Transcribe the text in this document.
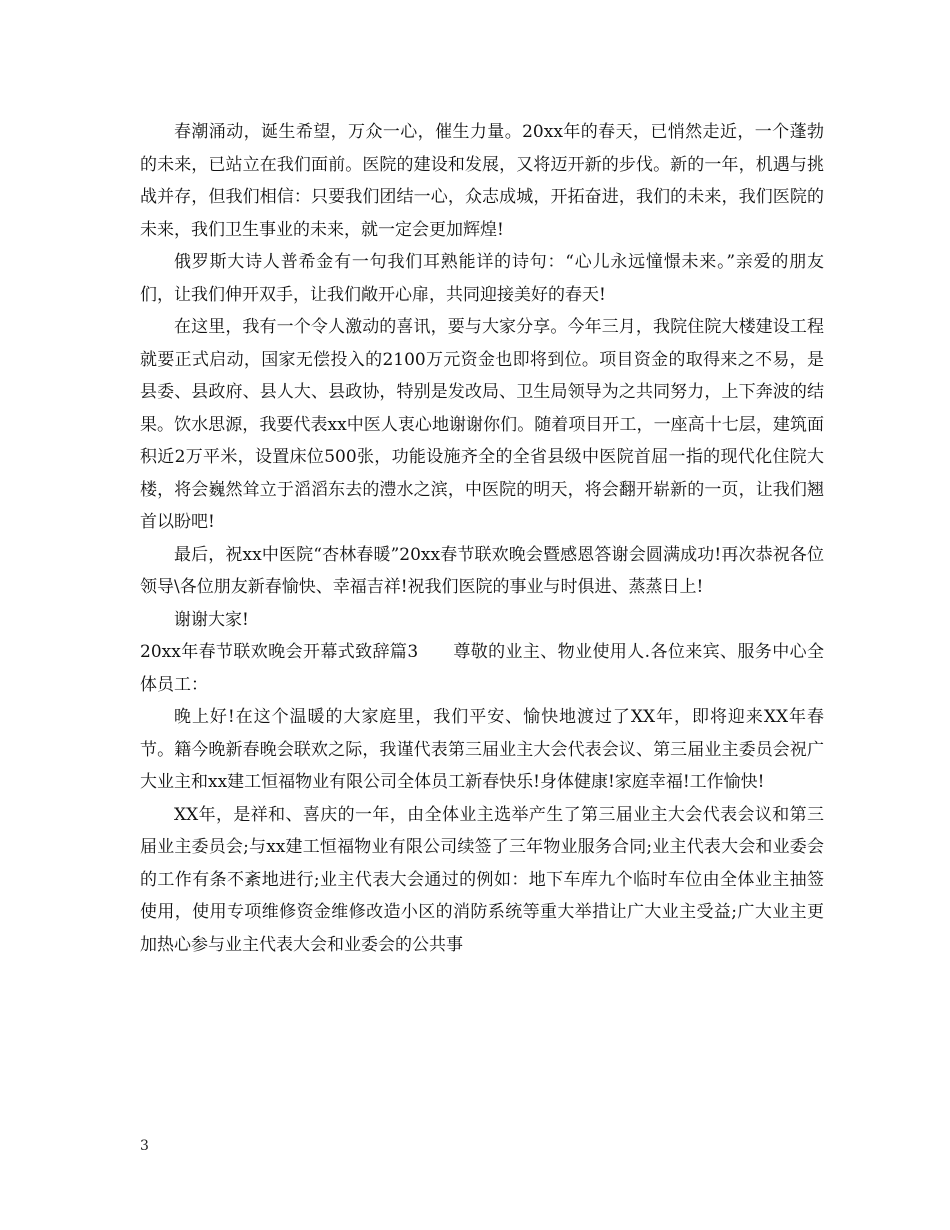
春潮涌动，诞生希望，万众一心，催生力量。20xx年的春天，已悄然走近，一个蓬勃的未来，已站立在我们面前。医院的建设和发展，又将迈开新的步伐。新的一年，机遇与挑战并存，但我们相信：只要我们团结一心，众志成城，开拓奋进，我们的未来，我们医院的未来，我们卫生事业的未来，就一定会更加辉煌!

俄罗斯大诗人普希金有一句我们耳熟能详的诗句：“心儿永远憧憬未来。”亲爱的朋友们，让我们伸开双手，让我们敞开心扉，共同迎接美好的春天!

在这里，我有一个令人激动的喜讯，要与大家分享。今年三月，我院住院大楼建设工程就要正式启动，国家无偿投入的2100万元资金也即将到位。项目资金的取得来之不易，是县委、县政府、县人大、县政协，特别是发改局、卫生局领导为之共同努力，上下奔波的结果。饮水思源，我要代表xx中医人衷心地谢谢你们。随着项目开工，一座高十七层，建筑面积近2万平米，设置床位500张，功能设施齐全的全省县级中医院首屈一指的现代化住院大楼，将会巍然耸立于滔滔东去的澧水之滨，中医院的明天，将会翻开崭新的一页，让我们翘首以盼吧!

最后，祝xx中医院“杏林春暖”20xx春节联欢晚会暨感恩答谢会圆满成功!再次恭祝各位领导\各位朋友新春愉快、幸福吉祥!祝我们医院的事业与时俱进、蒸蒸日上!

谢谢大家!

20xx年春节联欢晚会开幕式致辞篇3　　尊敬的业主、物业使用人.各位来宾、服务中心全体员工：

晚上好!在这个温暖的大家庭里，我们平安、愉快地渡过了XX年，即将迎来XX年春节。籍今晚新春晚会联欢之际，我谨代表第三届业主大会代表会议、第三届业主委员会祝广大业主和xx建工恒福物业有限公司全体员工新春快乐!身体健康!家庭幸福!工作愉快!

XX年，是祥和、喜庆的一年，由全体业主选举产生了第三届业主大会代表会议和第三届业主委员会;与xx建工恒福物业有限公司续签了三年物业服务合同;业主代表大会和业委会的工作有条不紊地进行;业主代表大会通过的例如：地下车库九个临时车位由全体业主抽签使用，使用专项维修资金维修改造小区的消防系统等重大举措让广大业主受益;广大业主更加热心参与业主代表大会和业委会的公共事

3
